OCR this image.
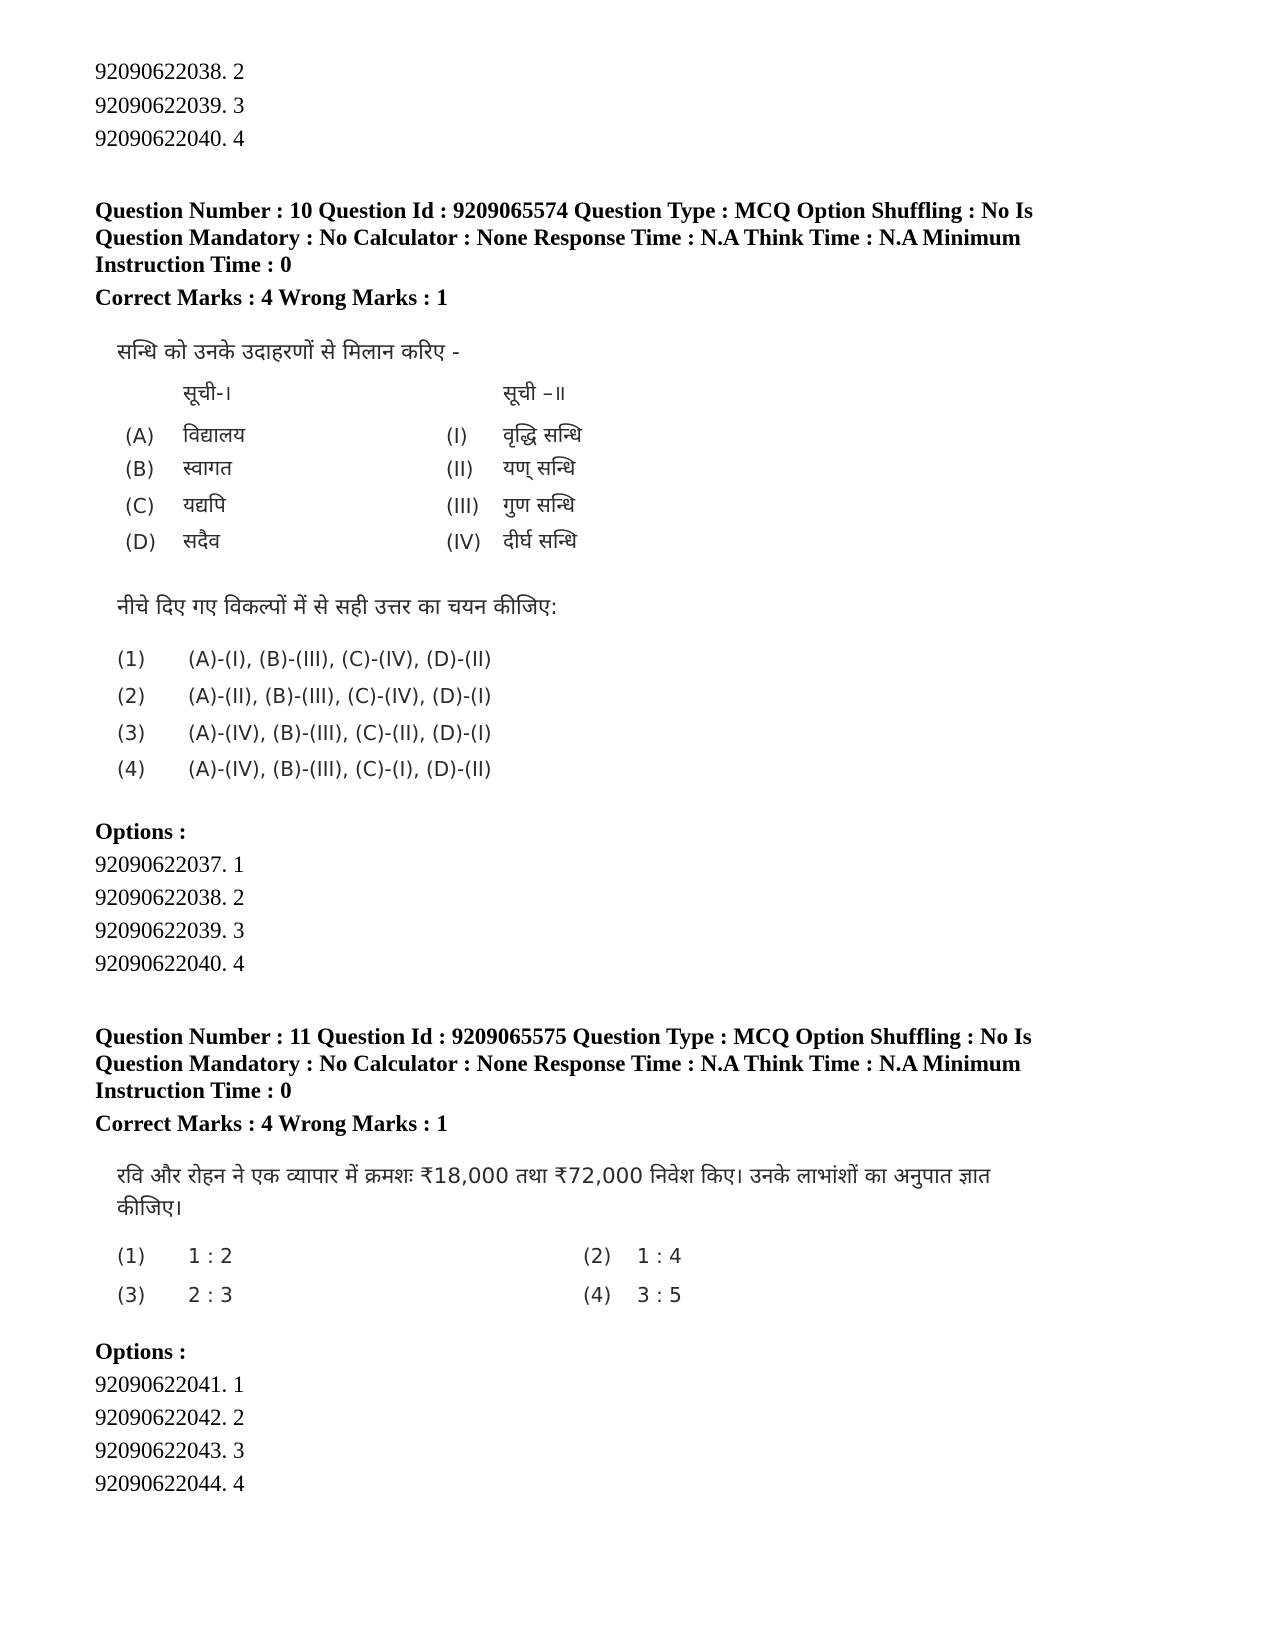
92090622038. 2
92090622039. 3
92090622040. 4
Question Number : 10 Question Id : 9209065574 Question Type : MCQ Option Shuffling : No Is
Question Mandatory : No Calculator : None Response Time : N.A Think Time : N.A Minimum
Instruction Time : 0
Correct Marks : 4 Wrong Marks : 1
सन्धि को उनके उदाहरणों से मिलान करिए -
सूची-।	सूची –॥
(A) विद्यालय	(I) वृद्धि सन्धि
(B) स्वागत	(II) यण् सन्धि
(C) यद्यपि	(III) गुण सन्धि
(D) सदैव	(IV) दीर्घ सन्धि
नीचे दिए गए विकल्पों में से सही उत्तर का चयन कीजिए:
(1) (A)-(I), (B)-(III), (C)-(IV), (D)-(II)
(2) (A)-(II), (B)-(III), (C)-(IV), (D)-(I)
(3) (A)-(IV), (B)-(III), (C)-(II), (D)-(I)
(4) (A)-(IV), (B)-(III), (C)-(I), (D)-(II)
Options :
92090622037. 1
92090622038. 2
92090622039. 3
92090622040. 4
Question Number : 11 Question Id : 9209065575 Question Type : MCQ Option Shuffling : No Is
Question Mandatory : No Calculator : None Response Time : N.A Think Time : N.A Minimum
Instruction Time : 0
Correct Marks : 4 Wrong Marks : 1
रवि और रोहन ने एक व्यापार में क्रमशः ₹18,000 तथा ₹72,000 निवेश किए। उनके लाभांशों का अनुपात ज्ञात
कीजिए।
(1) 1 : 2	(2) 1 : 4
(3) 2 : 3	(4) 3 : 5
Options :
92090622041. 1
92090622042. 2
92090622043. 3
92090622044. 4
